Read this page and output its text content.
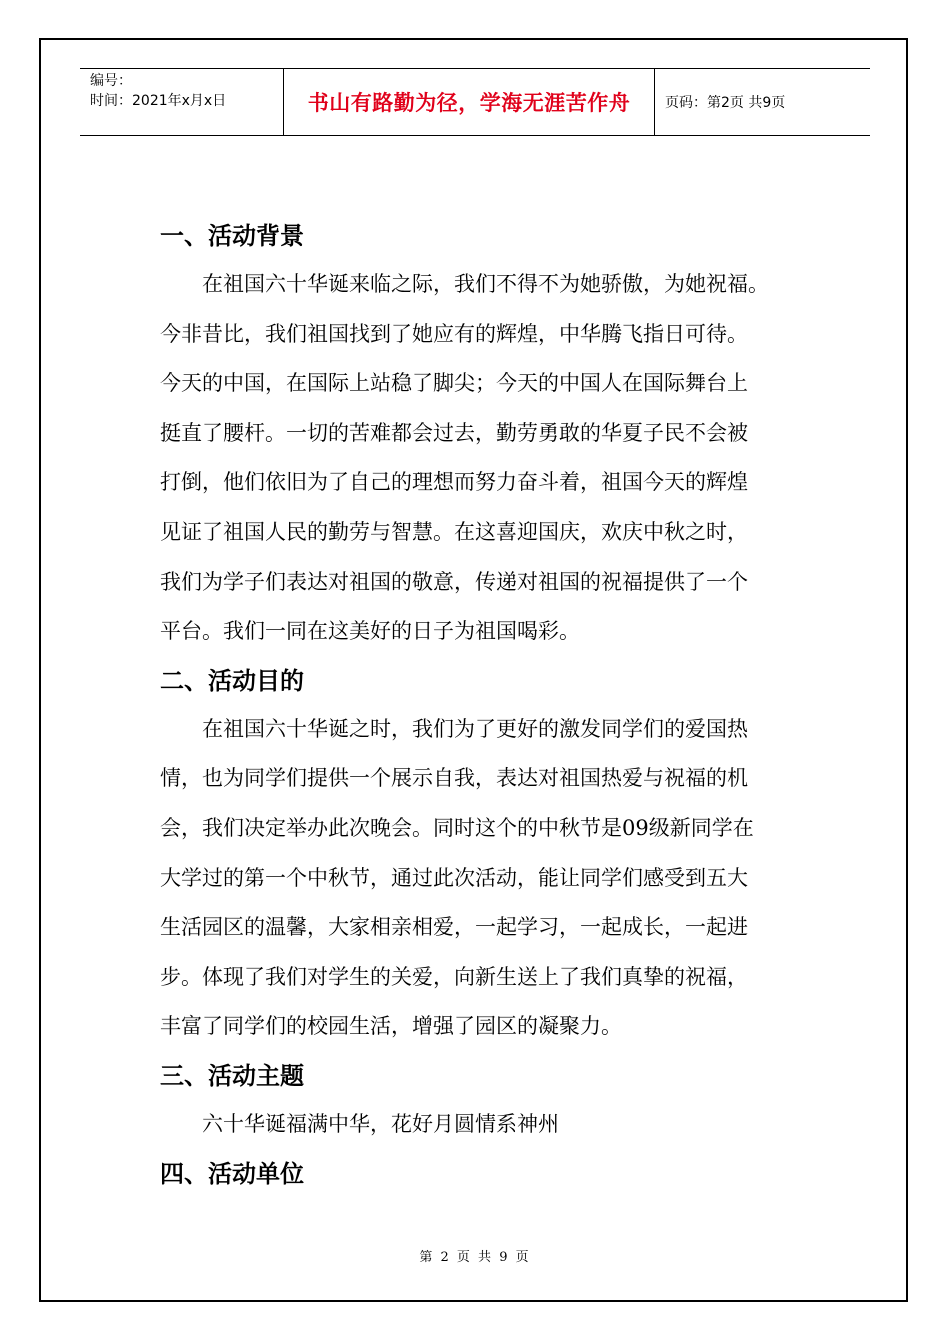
编号：
时间：2021年x月x日	书山有路勤为径，学海无涯苦作舟	页码：第2页 共9页
一、活动背景

在祖国六十华诞来临之际，我们不得不为她骄傲，为她祝福。
今非昔比，我们祖国找到了她应有的辉煌，中华腾飞指日可待。
今天的中国，在国际上站稳了脚尖；今天的中国人在国际舞台上
挺直了腰杆。一切的苦难都会过去，勤劳勇敢的华夏子民不会被
打倒，他们依旧为了自己的理想而努力奋斗着，祖国今天的辉煌
见证了祖国人民的勤劳与智慧。在这喜迎国庆，欢庆中秋之时，
我们为学子们表达对祖国的敬意，传递对祖国的祝福提供了一个
平台。我们一同在这美好的日子为祖国喝彩。

二、活动目的

在祖国六十华诞之时，我们为了更好的激发同学们的爱国热
情，也为同学们提供一个展示自我，表达对祖国热爱与祝福的机
会，我们决定举办此次晚会。同时这个的中秋节是09级新同学在
大学过的第一个中秋节，通过此次活动，能让同学们感受到五大
生活园区的温馨，大家相亲相爱，一起学习，一起成长，一起进
步。体现了我们对学生的关爱，向新生送上了我们真挚的祝福，
丰富了同学们的校园生活，增强了园区的凝聚力。

三、活动主题

六十华诞福满中华，花好月圆情系神州

四、活动单位
第 2 页 共 9 页
